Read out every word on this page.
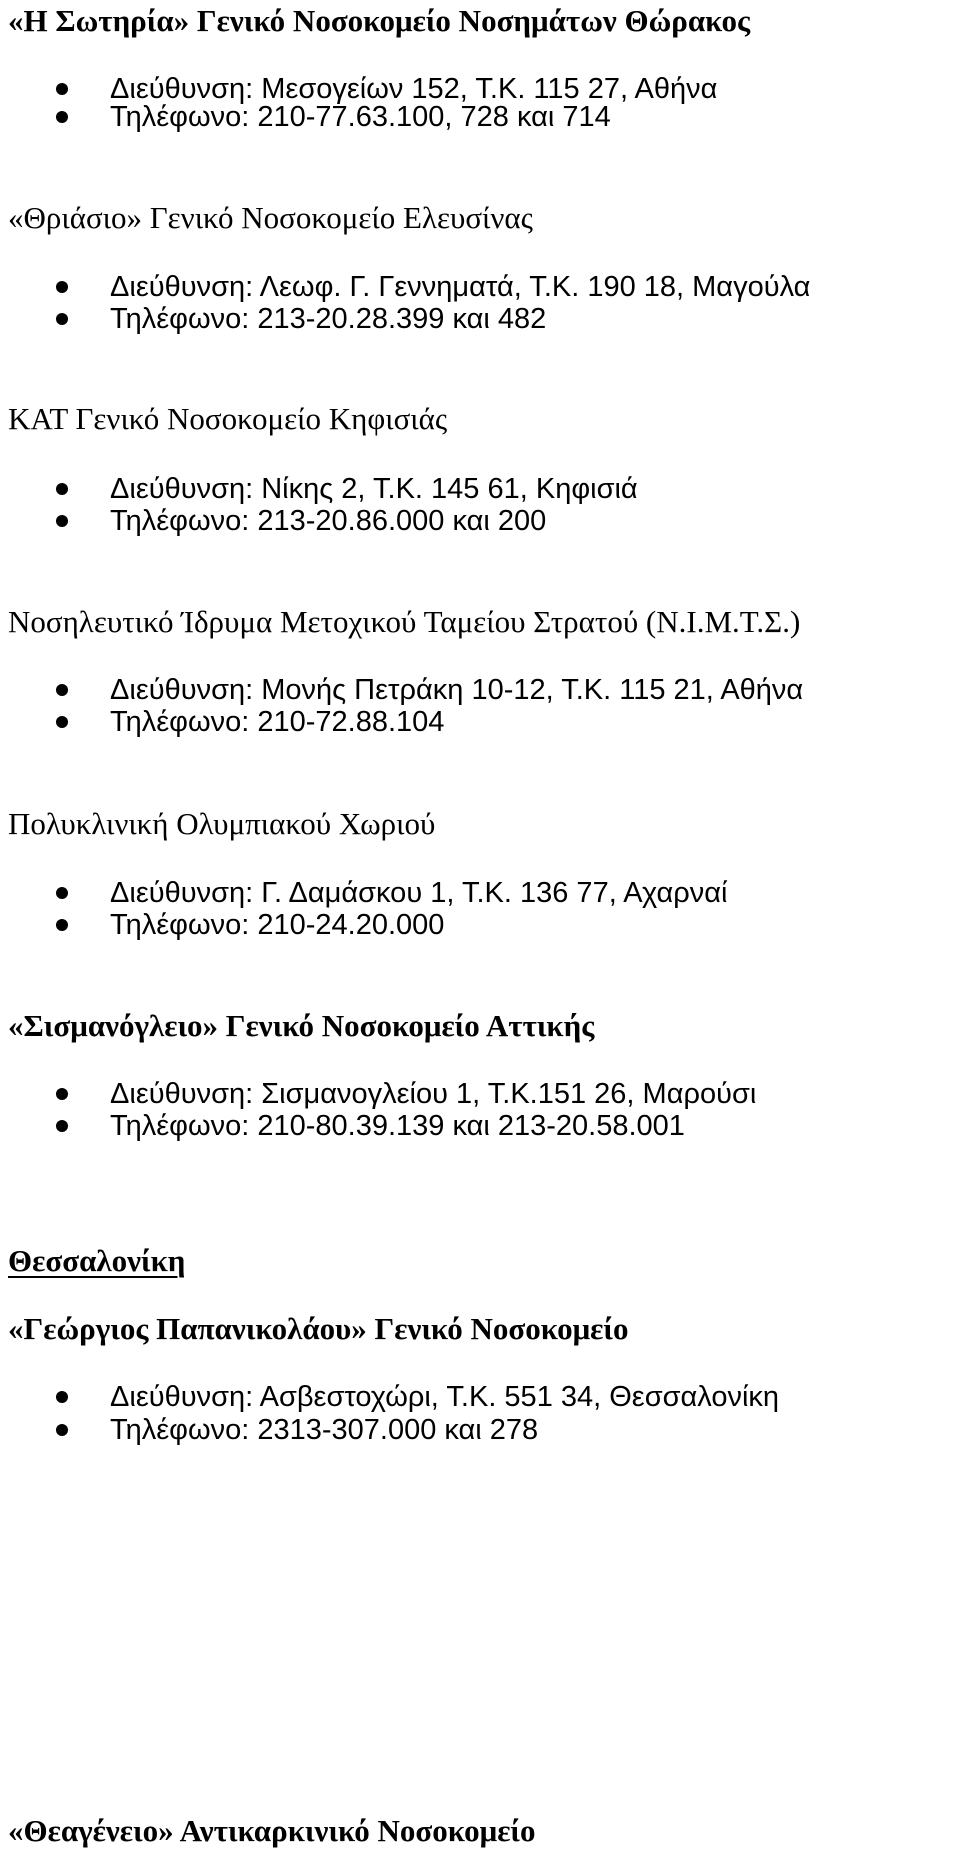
«Η Σωτηρία» Γενικό Νοσοκομείο Νοσημάτων Θώρακος
Διεύθυνση: Μεσογείων 152, Τ.Κ. 115 27, Αθήνα
Τηλέφωνο: 210-77.63.100, 728 και 714
«Θριάσιο» Γενικό Νοσοκομείο Ελευσίνας
Διεύθυνση: Λεωφ. Γ. Γεννηματά, Τ.Κ. 190 18, Μαγούλα
Τηλέφωνο: 213-20.28.399 και 482
ΚΑΤ Γενικό Νοσοκομείο Κηφισιάς
Διεύθυνση: Νίκης 2, Τ.Κ. 145 61, Κηφισιά
Τηλέφωνο: 213-20.86.000 και 200
Νοσηλευτικό Ίδρυμα Μετοχικού Ταμείου Στρατού (Ν.Ι.Μ.Τ.Σ.)
Διεύθυνση: Μονής Πετράκη 10-12, Τ.Κ. 115 21, Αθήνα
Τηλέφωνο: 210-72.88.104
Πολυκλινική Ολυμπιακού Χωριού
Διεύθυνση: Γ. Δαμάσκου 1, Τ.Κ. 136 77, Αχαρναί
Τηλέφωνο: 210-24.20.000
«Σισμανόγλειο» Γενικό Νοσοκομείο Αττικής
Διεύθυνση: Σισμανογλείου 1, Τ.Κ.151 26, Μαρούσι
Τηλέφωνο: 210-80.39.139 και 213-20.58.001
Θεσσαλονίκη
«Γεώργιος Παπανικολάου» Γενικό Νοσοκομείο
Διεύθυνση: Ασβεστοχώρι, Τ.Κ. 551 34, Θεσσαλονίκη
Τηλέφωνο: 2313-307.000 και 278
«Θεαγένειο» Αντικαρκινικό Νοσοκομείο
